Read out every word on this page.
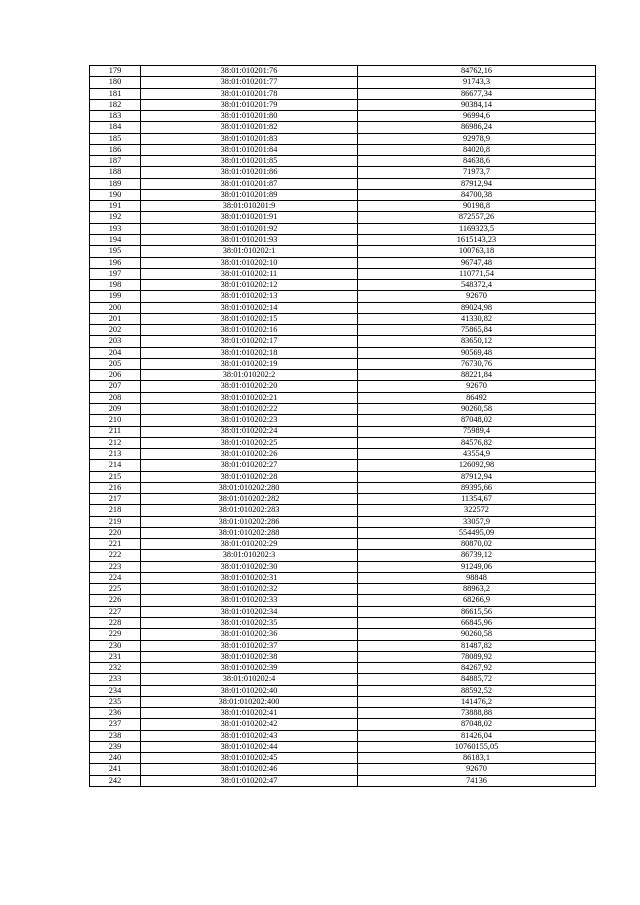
179	38:01:010201:76	84762,16
180	38:01:010201:77	91743,3
181	38:01:010201:78	86677,34
182	38:01:010201:79	90384,14
183	38:01:010201:80	96994,6
184	38:01:010201:82	86986,24
185	38:01:010201:83	92978,9
186	38:01:010201:84	84020,8
187	38:01:010201:85	84638,6
188	38:01:010201:86	71973,7
189	38:01:010201:87	87912,94
190	38:01:010201:89	84700,38
191	38:01:010201:9	90198,8
192	38:01:010201:91	872557,26
193	38:01:010201:92	1169323,5
194	38:01:010201:93	1615143,23
195	38:01:010202:1	100763,18
196	38:01:010202:10	96747,48
197	38:01:010202:11	110771,54
198	38:01:010202:12	548372,4
199	38:01:010202:13	92670
200	38:01:010202:14	89024,98
201	38:01:010202:15	41330,82
202	38:01:010202:16	75865,84
203	38:01:010202:17	83650,12
204	38:01:010202:18	90569,48
205	38:01:010202:19	76730,76
206	38:01:010202:2	88221,84
207	38:01:010202:20	92670
208	38:01:010202:21	86492
209	38:01:010202:22	90260,58
210	38:01:010202:23	87048,02
211	38:01:010202:24	75989,4
212	38:01:010202:25	84576,82
213	38:01:010202:26	43554,9
214	38:01:010202:27	126092,98
215	38:01:010202:28	87912,94
216	38:01:010202:280	89395,66
217	38:01:010202:282	11354,67
218	38:01:010202:283	322572
219	38:01:010202:286	33057,9
220	38:01:010202:288	554495,09
221	38:01:010202:29	80870,02
222	38:01:010202:3	86739,12
223	38:01:010202:30	91249,06
224	38:01:010202:31	98848
225	38:01:010202:32	88963,2
226	38:01:010202:33	68266,9
227	38:01:010202:34	86615,56
228	38:01:010202:35	66845,96
229	38:01:010202:36	90260,58
230	38:01:010202:37	81487,82
231	38:01:010202:38	78089,92
232	38:01:010202:39	84267,92
233	38:01:010202:4	84885,72
234	38:01:010202:40	88592,52
235	38:01:010202:400	141476,2
236	38:01:010202:41	73888,88
237	38:01:010202:42	87048,02
238	38:01:010202:43	81426,04
239	38:01:010202:44	10760155,05
240	38:01:010202:45	86183,1
241	38:01:010202:46	92670
242	38:01:010202:47	74136
